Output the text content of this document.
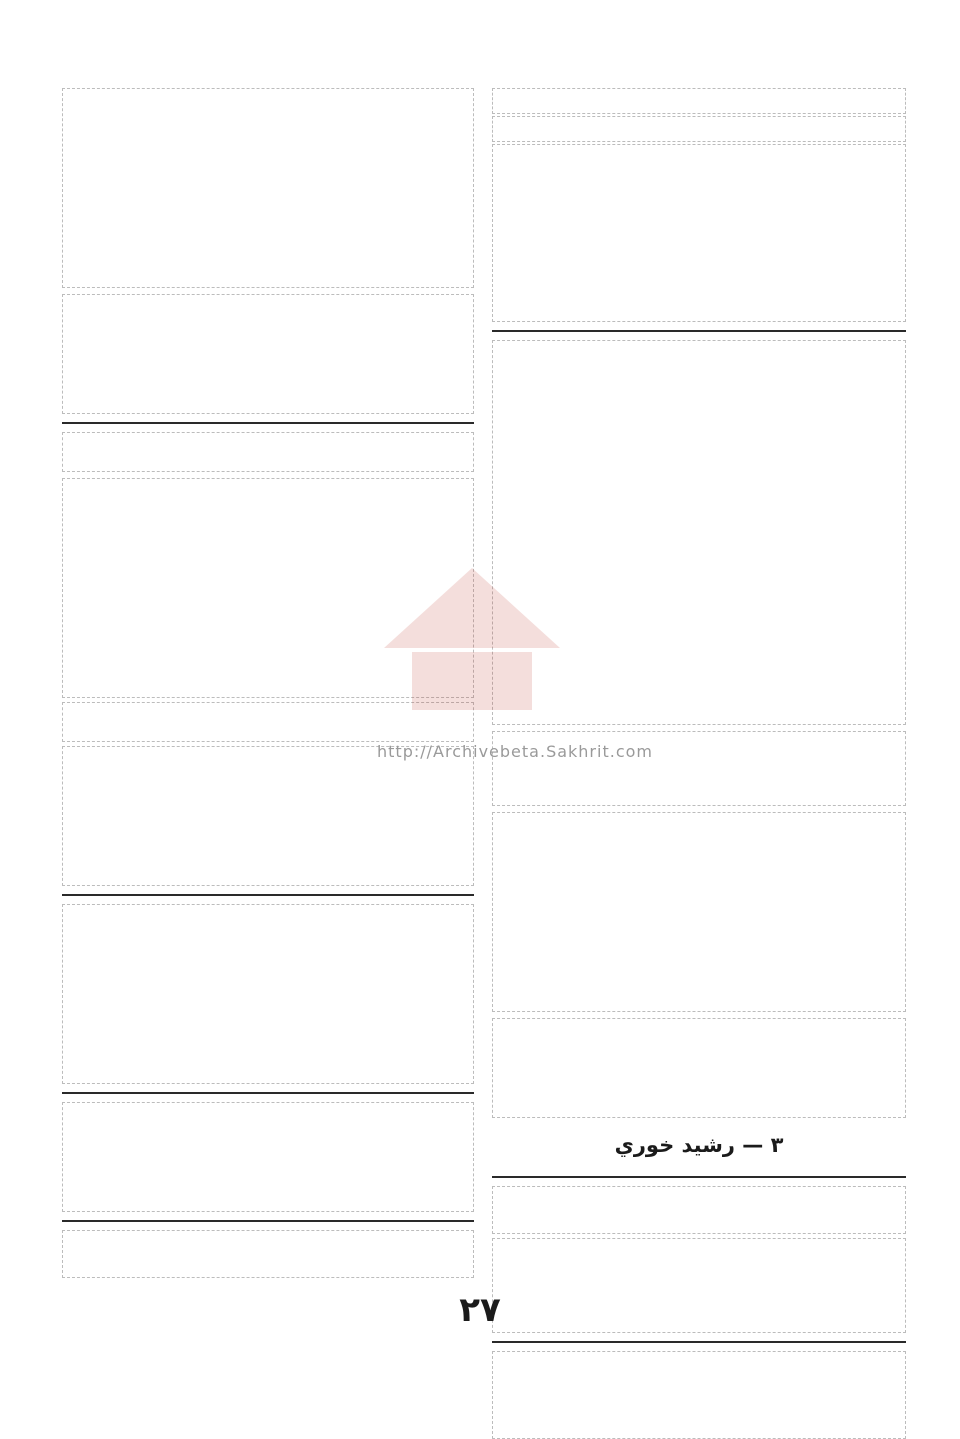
٣ — رشيد خوري
http://Archivebeta.Sakhrit.com
٢٧
